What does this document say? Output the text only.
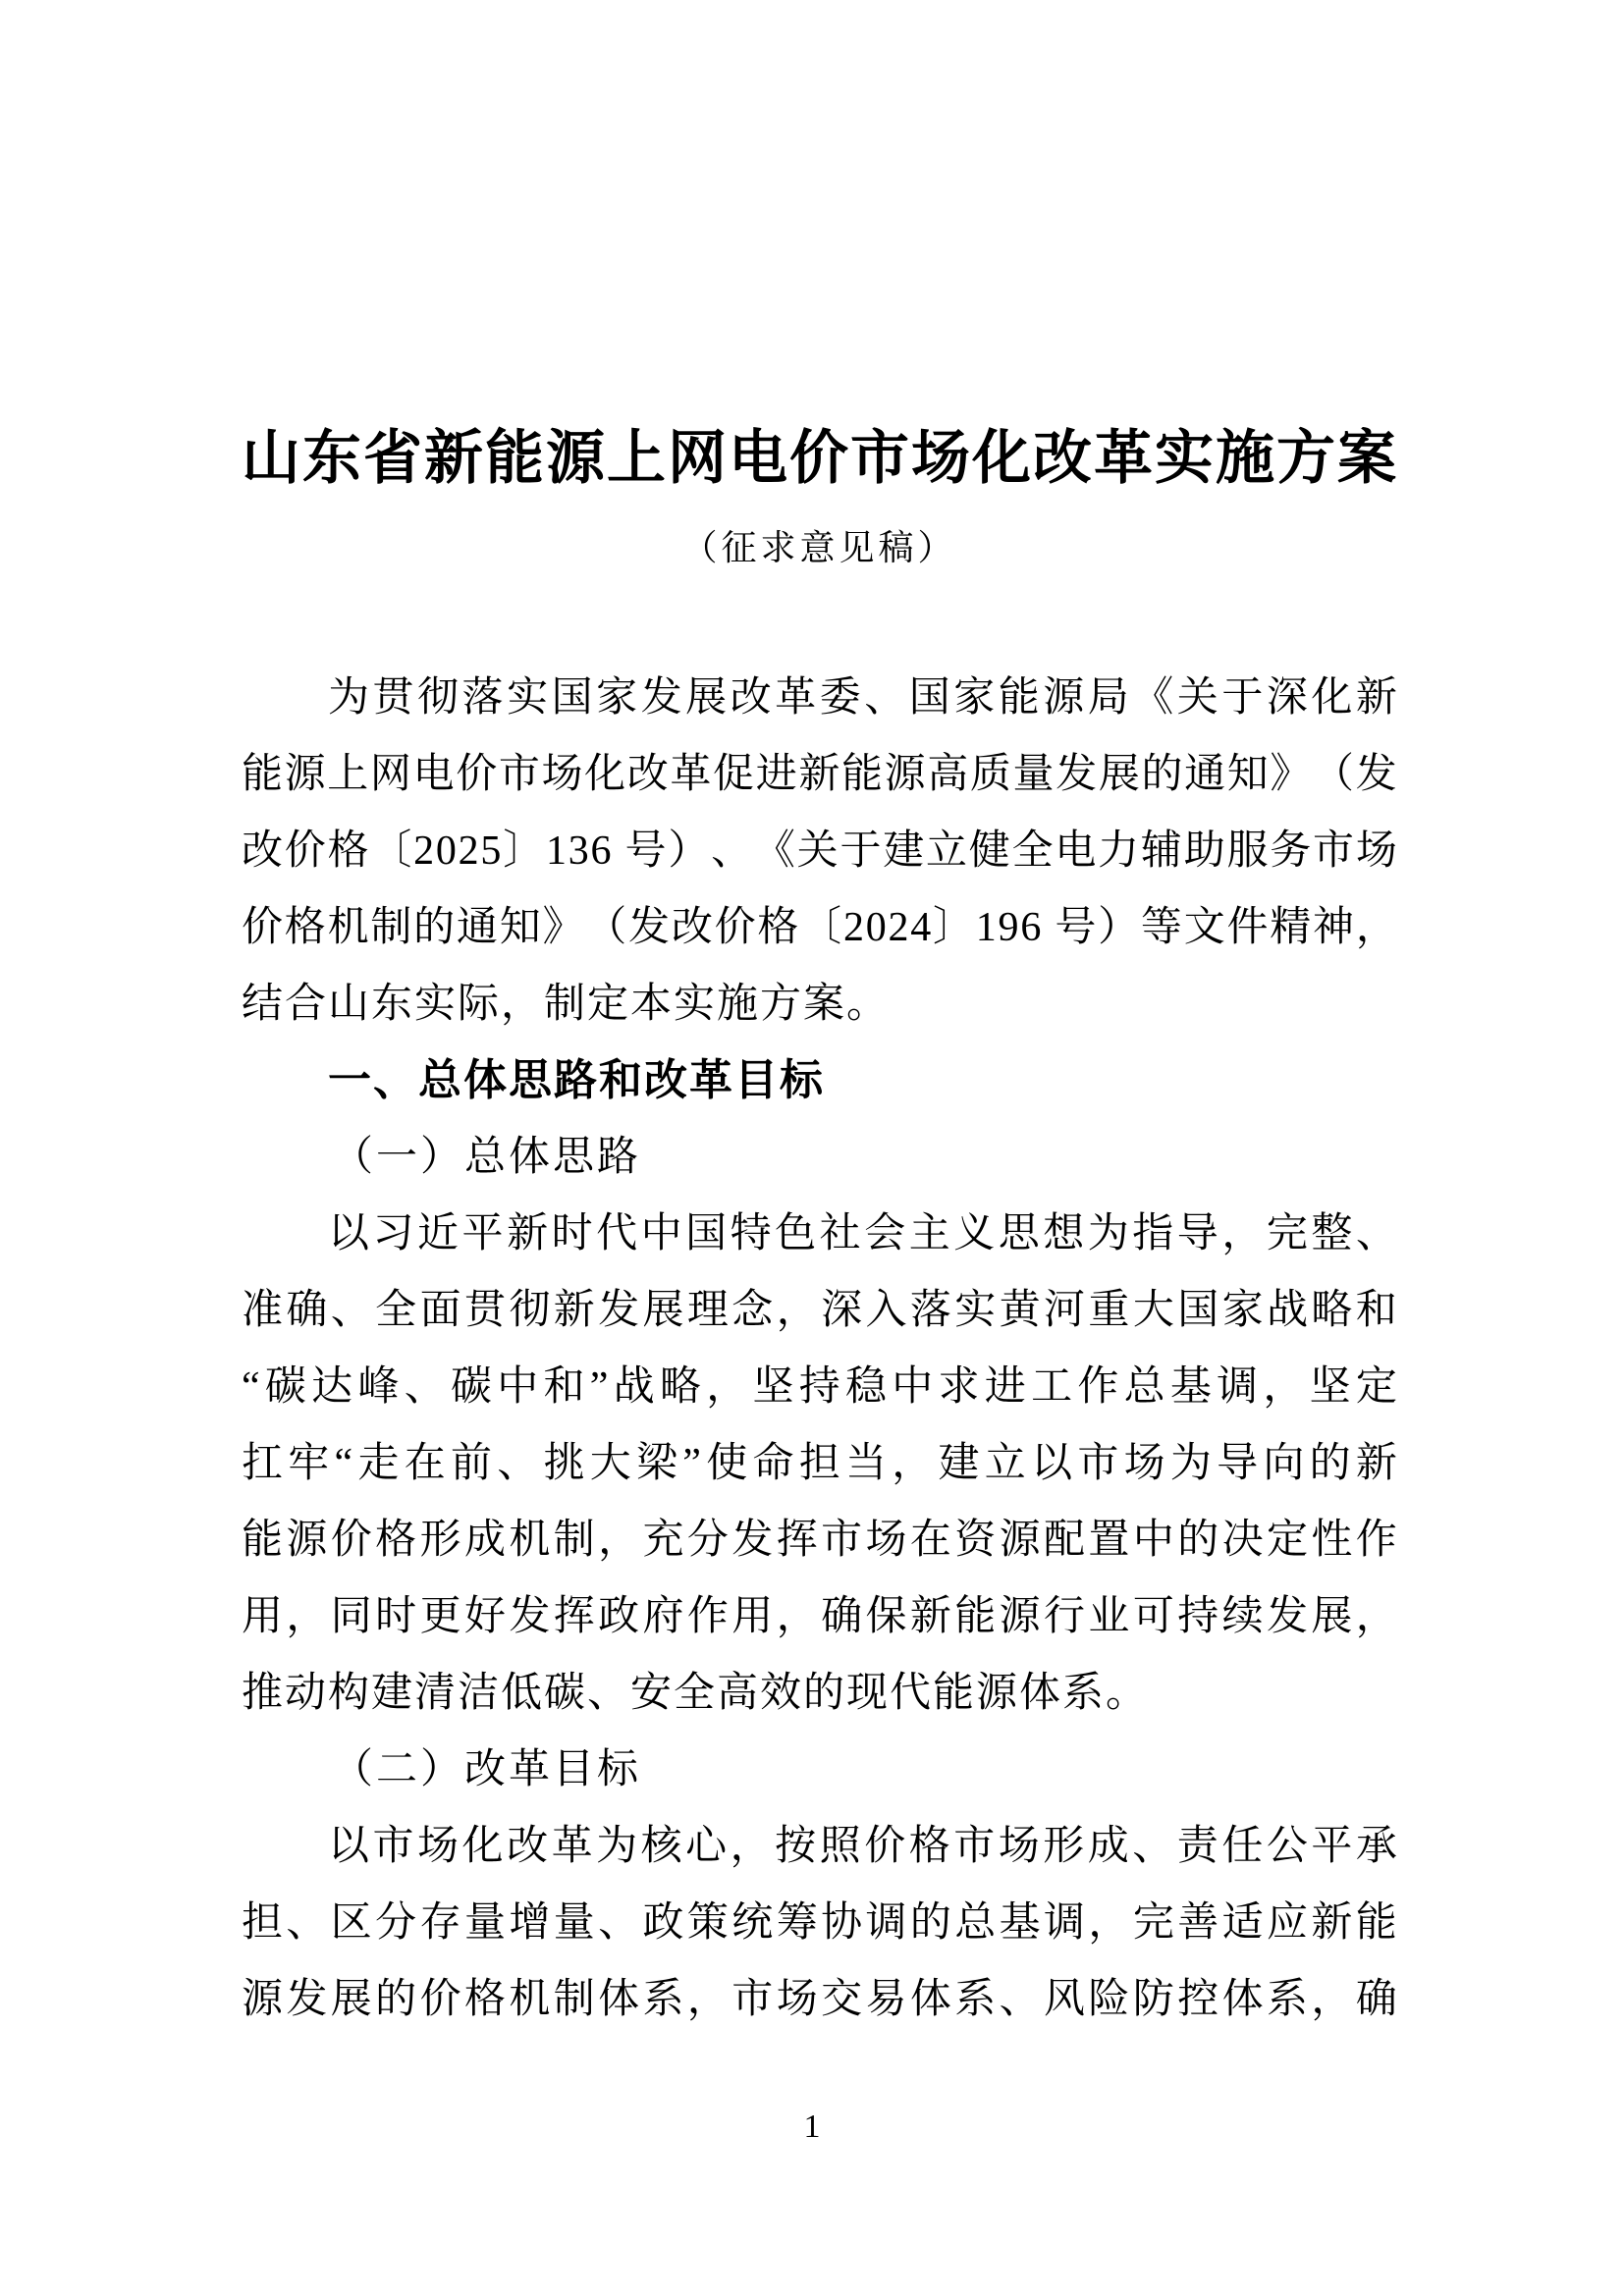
山东省新能源上网电价市场化改革实施方案
（征求意见稿）
为 贯 彻 落 实 国 家 发 展 改 革 委 、 国 家 能 源 局 《 关 于 深 化 新
能 源 上 网 电 价 市 场 化 改 革 促 进 新 能 源 高 质 量 发 展 的 通 知 》 （ 发
改 价 格 〔 2 0 2 5 〕 1 3 6
号 ） 、 《 关 于 建 立 健 全 电 力 辅 助 服 务 市 场
价 格 机 制 的 通 知 》 （ 发 改 价 格 〔 2 0 2 4 〕 1 9 6
号 ） 等 文 件 精 神 ，
结合山东实际，制定本实施方案。
一、总体思路和改革目标
（一）总体思路
以 习 近 平 新 时 代 中 国 特 色 社 会 主 义 思 想 为 指 导 ， 完 整 、
准 确 、 全 面 贯 彻 新 发 展 理 念 ， 深 入 落 实 黄 河 重 大 国 家 战 略 和
“ 碳 达 峰 、 碳 中 和 ” 战 略 ， 坚 持 稳 中 求 进 工 作 总 基 调 ， 坚 定
扛 牢 “ 走 在 前 、 挑 大 梁 ” 使 命 担 当 ， 建 立 以 市 场 为 导 向 的 新
能 源 价 格 形 成 机 制 ， 充 分 发 挥 市 场 在 资 源 配 置 中 的 决 定 性 作
用 ， 同 时 更 好 发 挥 政 府 作 用 ， 确 保 新 能 源 行 业 可 持 续 发 展 ，
推动构建清洁低碳、安全高效的现代能源体系。
（二）改革目标
以 市 场 化 改 革 为 核 心 ， 按 照 价 格 市 场 形 成 、 责 任 公 平 承
担 、 区 分 存 量 增 量 、 政 策 统 筹 协 调 的 总 基 调 ， 完 善 适 应 新 能
源 发 展 的 价 格 机 制 体 系 ， 市 场 交 易 体 系 、 风 险 防 控 体 系 ， 确
1
